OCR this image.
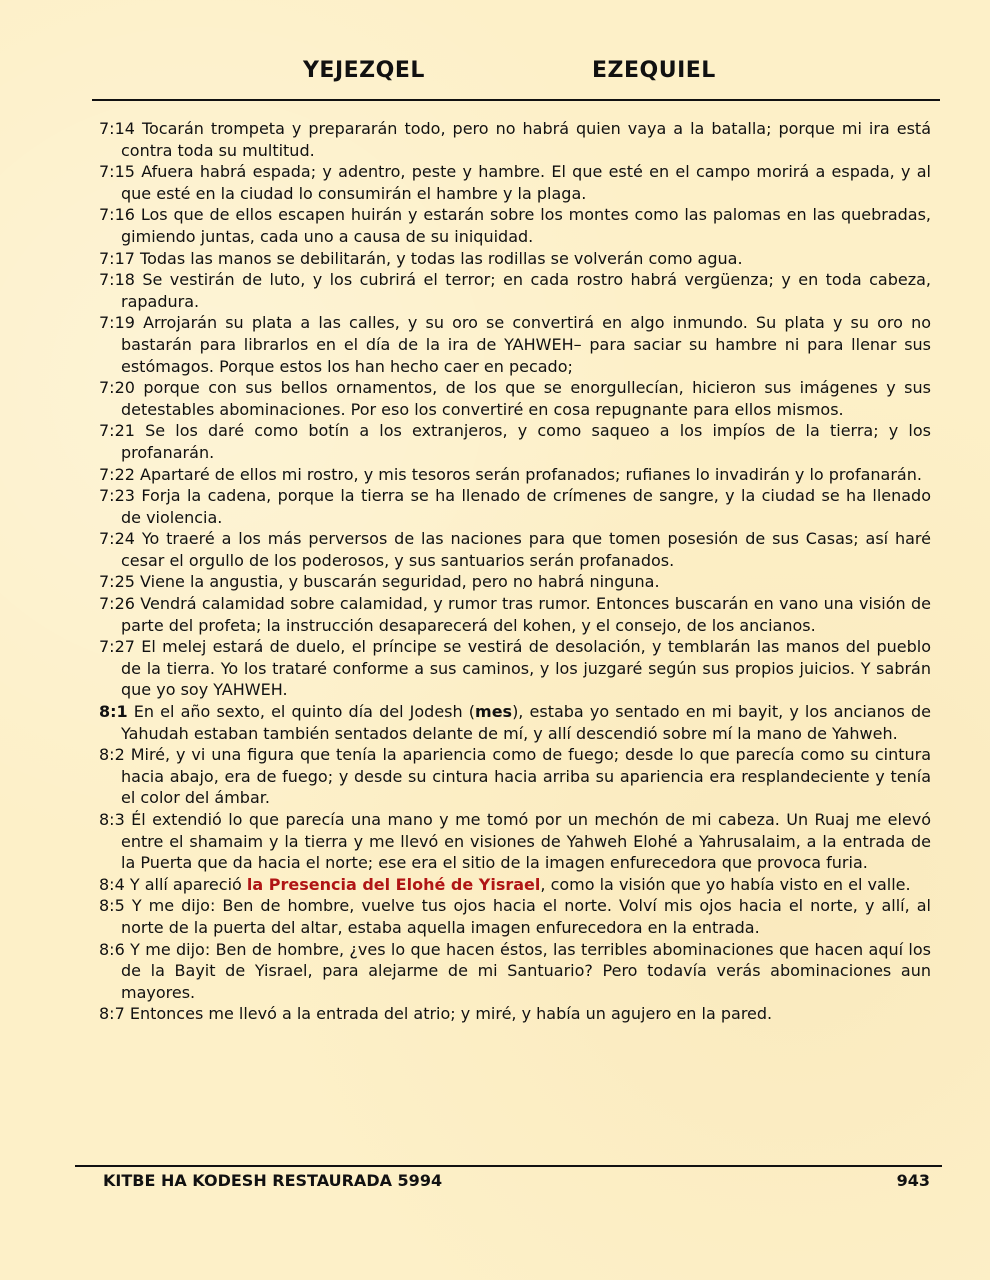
YEJEZQEL	EZEQUIEL

7:14 Tocarán trompeta y prepararán todo, pero no habrá quien vaya a la batalla; porque mi ira está contra toda su multitud.

7:15 Afuera habrá espada; y adentro, peste y hambre. El que esté en el campo morirá a espada, y al que esté en la ciudad lo consumirán el hambre y la plaga.

7:16 Los que de ellos escapen huirán y estarán sobre los montes como las palomas en las quebradas, gimiendo juntas, cada uno a causa de su iniquidad.

7:17 Todas las manos se debilitarán, y todas las rodillas se volverán como agua.

7:18 Se vestirán de luto, y los cubrirá el terror; en cada rostro habrá vergüenza; y en toda cabeza, rapadura.

7:19 Arrojarán su plata a las calles, y su oro se convertirá en algo inmundo. Su plata y su oro no bastarán para librarlos en el día de la ira de YAHWEH– para saciar su hambre ni para llenar sus estómagos. Porque estos los han hecho caer en pecado;

7:20 porque con sus bellos ornamentos, de los que se enorgullecían, hicieron sus imágenes y sus detestables abominaciones. Por eso los convertiré en cosa repugnante para ellos mismos.

7:21 Se los daré como botín a los extranjeros, y como saqueo a los impíos de la tierra; y los profanarán.

7:22 Apartaré de ellos mi rostro, y mis tesoros serán profanados; rufianes lo invadirán y lo profanarán.

7:23 Forja la cadena, porque la tierra se ha llenado de crímenes de sangre, y la ciudad se ha llenado de violencia.

7:24 Yo traeré a los más perversos de las naciones para que tomen posesión de sus Casas; así haré cesar el orgullo de los poderosos, y sus santuarios serán profanados.

7:25 Viene la angustia, y buscarán seguridad, pero no habrá ninguna.

7:26 Vendrá calamidad sobre calamidad, y rumor tras rumor. Entonces buscarán en vano una visión de parte del profeta; la instrucción desaparecerá del kohen, y el consejo, de los ancianos.

7:27 El melej estará de duelo, el príncipe se vestirá de desolación, y temblarán las manos del pueblo de la tierra. Yo los trataré conforme a sus caminos, y los juzgaré según sus propios juicios. Y sabrán que yo soy YAHWEH.

8:1 En el año sexto, el quinto día del Jodesh (mes), estaba yo sentado en mi bayit, y los ancianos de Yahudah estaban también sentados delante de mí, y allí descendió sobre mí la mano de Yahweh.

8:2 Miré, y vi una figura que tenía la apariencia como de fuego; desde lo que parecía como su cintura hacia abajo, era de fuego; y desde su cintura hacia arriba su apariencia era resplandeciente y tenía el color del ámbar.

8:3 Él extendió lo que parecía una mano y me tomó por un mechón de mi cabeza. Un Ruaj me elevó entre el shamaim y la tierra y me llevó en visiones de Yahweh Elohé a Yahrusalaim, a la entrada de la Puerta que da hacia el norte; ese era el sitio de la imagen enfurecedora que provoca furia.

8:4 Y allí apareció la Presencia del Elohé de Yisrael, como la visión que yo había visto en el valle.

8:5 Y me dijo: Ben de hombre, vuelve tus ojos hacia el norte. Volví mis ojos hacia el norte, y allí, al norte de la puerta del altar, estaba aquella imagen enfurecedora en la entrada.

8:6 Y me dijo: Ben de hombre, ¿ves lo que hacen éstos, las terribles abominaciones que hacen aquí los de la Bayit de Yisrael, para alejarme de mi Santuario? Pero todavía verás abominaciones aun mayores.

8:7 Entonces me llevó a la entrada del atrio; y miré, y había un agujero en la pared.

KITBE HA KODESH RESTAURADA 5994	943
